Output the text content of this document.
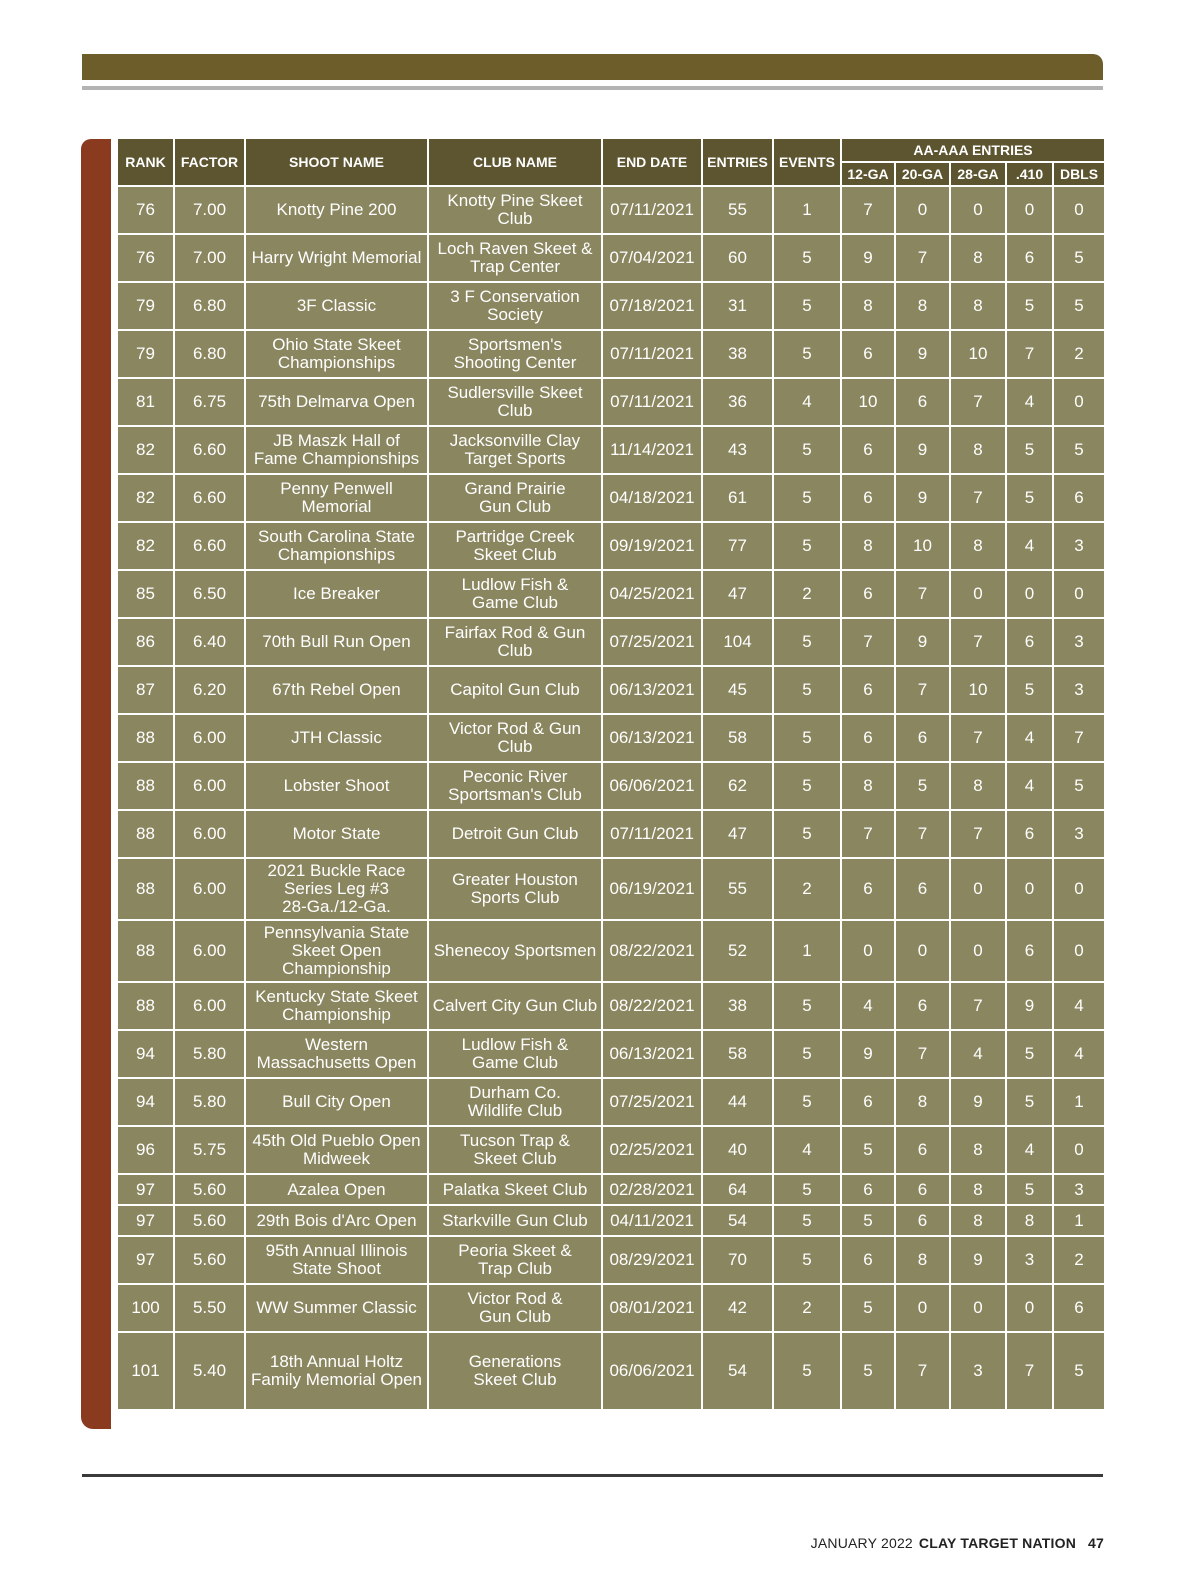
RANK	FACTOR	SHOOT NAME	CLUB NAME	END DATE	ENTRIES	EVENTS	AA-AAA ENTRIES				
							12-GA	20-GA	28-GA	.410	DBLS
76	7.00	Knotty Pine 200	Knotty Pine Skeet
Club	07/11/2021	55	1	7	0	0	0	0
76	7.00	Harry Wright Memorial	Loch Raven Skeet &
Trap Center	07/04/2021	60	5	9	7	8	6	5
79	6.80	3F Classic	3 F Conservation
Society	07/18/2021	31	5	8	8	8	5	5
79	6.80	Ohio State Skeet
Championships	Sportsmen's
Shooting Center	07/11/2021	38	5	6	9	10	7	2
81	6.75	75th Delmarva Open	Sudlersville Skeet Club	07/11/2021	36	4	10	6	7	4	0
82	6.60	JB Maszk Hall of
Fame Championships	Jacksonville Clay
Target Sports	11/14/2021	43	5	6	9	8	5	5
82	6.60	Penny Penwell
Memorial	Grand Prairie
Gun Club	04/18/2021	61	5	6	9	7	5	6
82	6.60	South Carolina State
Championships	Partridge Creek
Skeet Club	09/19/2021	77	5	8	10	8	4	3
85	6.50	Ice Breaker	Ludlow Fish &
Game Club	04/25/2021	47	2	6	7	0	0	0
86	6.40	70th Bull Run Open	Fairfax Rod & Gun
Club	07/25/2021	104	5	7	9	7	6	3
87	6.20	67th Rebel Open	Capitol Gun Club	06/13/2021	45	5	6	7	10	5	3
88	6.00	JTH Classic	Victor Rod & Gun
Club	06/13/2021	58	5	6	6	7	4	7
88	6.00	Lobster Shoot	Peconic River
Sportsman's Club	06/06/2021	62	5	8	5	8	4	5
88	6.00	Motor State	Detroit Gun Club	07/11/2021	47	5	7	7	7	6	3
88	6.00	2021 Buckle Race
Series Leg #3
28-Ga./12-Ga.	Greater Houston
Sports Club	06/19/2021	55	2	6	6	0	0	0
88	6.00	Pennsylvania State
Skeet Open
Championship	Shenecoy Sportsmen	08/22/2021	52	1	0	0	0	6	0
88	6.00	Kentucky State Skeet
Championship	Calvert City Gun Club	08/22/2021	38	5	4	6	7	9	4
94	5.80	Western
Massachusetts Open	Ludlow Fish &
Game Club	06/13/2021	58	5	9	7	4	5	4
94	5.80	Bull City Open	Durham Co.
Wildlife Club	07/25/2021	44	5	6	8	9	5	1
96	5.75	45th Old Pueblo Open
Midweek	Tucson Trap &
Skeet Club	02/25/2021	40	4	5	6	8	4	0
97	5.60	Azalea Open	Palatka Skeet Club	02/28/2021	64	5	6	6	8	5	3
97	5.60	29th Bois d'Arc Open	Starkville Gun Club	04/11/2021	54	5	5	6	8	8	1
97	5.60	95th Annual Illinois
State Shoot	Peoria Skeet &
Trap Club	08/29/2021	70	5	6	8	9	3	2
100	5.50	WW Summer Classic	Victor Rod &
Gun Club	08/01/2021	42	2	5	0	0	0	6
101	5.40	18th Annual Holtz
Family Memorial Open	Generations
Skeet Club	06/06/2021	54	5	5	7	3	7	5
JANUARY 2022 CLAY TARGET NATION 47
